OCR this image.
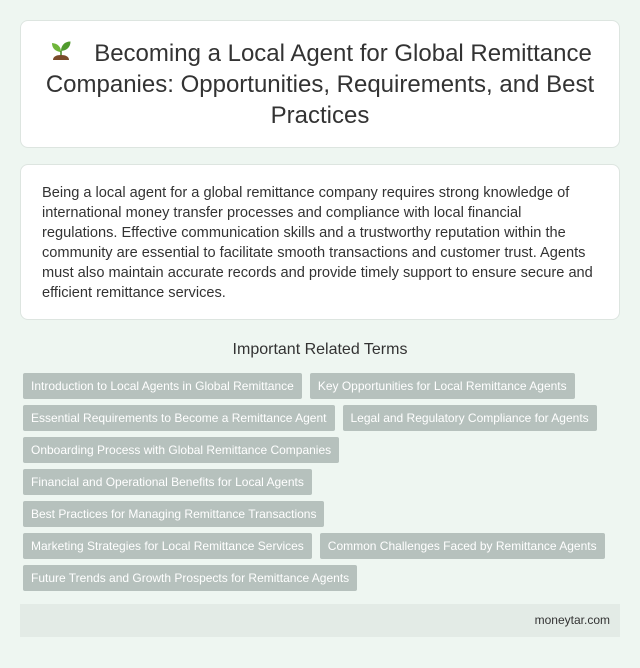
Becoming a Local Agent for Global Remittance Companies: Opportunities, Requirements, and Best Practices

Being a local agent for a global remittance company requires strong knowledge of international money transfer processes and compliance with local financial regulations. Effective communication skills and a trustworthy reputation within the community are essential to facilitate smooth transactions and customer trust. Agents must also maintain accurate records and provide timely support to ensure secure and efficient remittance services.

Important Related Terms
Introduction to Local Agents in Global Remittance	Key Opportunities for Local Remittance Agents
Essential Requirements to Become a Remittance Agent	Legal and Regulatory Compliance for Agents
Onboarding Process with Global Remittance Companies
Financial and Operational Benefits for Local Agents
Best Practices for Managing Remittance Transactions
Marketing Strategies for Local Remittance Services	Common Challenges Faced by Remittance Agents
Future Trends and Growth Prospects for Remittance Agents
moneytar.com
